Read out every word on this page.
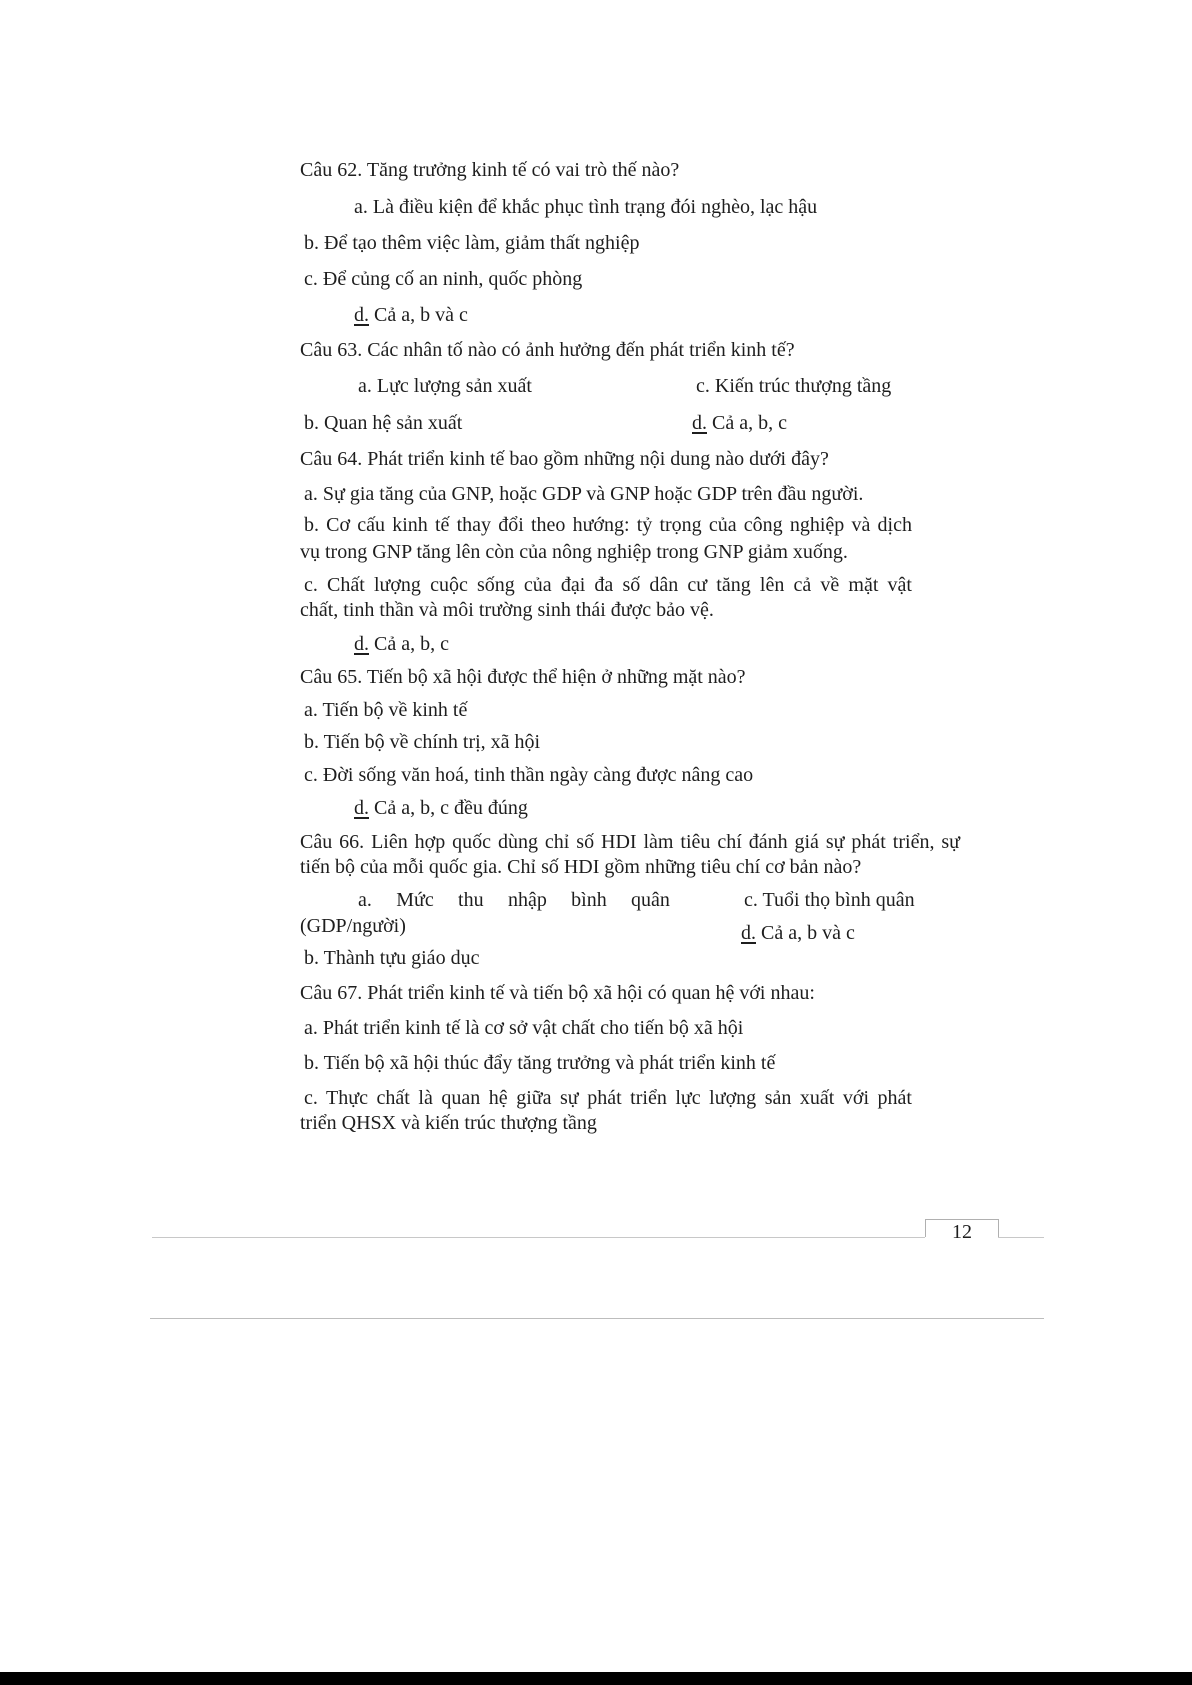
Câu 62. Tăng trưởng kinh tế có vai trò thế nào?
a. Là điều kiện để khắc phục tình trạng đói nghèo, lạc hậu
b. Để tạo thêm việc làm, giảm thất nghiệp
c. Để củng cố an ninh, quốc phòng
d. Cả a, b và c
Câu 63. Các nhân tố nào có ảnh hưởng đến phát triển kinh tế?
a. Lực lượng sản xuất	c. Kiến trúc thượng tầng
b. Quan hệ sản xuất	d. Cả a, b, c
Câu 64. Phát triển kinh tế bao gồm những nội dung nào dưới đây?
a. Sự gia tăng của GNP, hoặc GDP và GNP hoặc GDP trên đầu người.
b. Cơ cấu kinh tế thay đổi theo hướng: tỷ trọng của công nghiệp và dịch
vụ trong GNP tăng lên còn của nông nghiệp trong GNP giảm xuống.
c. Chất lượng cuộc sống của đại đa số dân cư tăng lên cả về mặt vật
chất, tinh thần và môi trường sinh thái được bảo vệ.
d. Cả a, b, c
Câu 65. Tiến bộ xã hội được thể hiện ở những mặt nào?
a. Tiến bộ về kinh tế
b. Tiến bộ về chính trị, xã hội
c. Đời sống văn hoá, tinh thần ngày càng được nâng cao
d. Cả a, b, c đều đúng
Câu 66. Liên hợp quốc dùng chỉ số HDI làm tiêu chí đánh giá sự phát triển, sự
tiến bộ của mỗi quốc gia. Chỉ số HDI gồm những tiêu chí cơ bản nào?
a. Mức thu nhập bình quân	c. Tuổi thọ bình quân
(GDP/người)	d. Cả a, b và c
b. Thành tựu giáo dục
Câu 67. Phát triển kinh tế và tiến bộ xã hội có quan hệ với nhau:
a. Phát triển kinh tế là cơ sở vật chất cho tiến bộ xã hội
b. Tiến bộ xã hội thúc đẩy tăng trưởng và phát triển kinh tế
c. Thực chất là quan hệ giữa sự phát triển lực lượng sản xuất với phát
triển QHSX và kiến trúc thượng tầng
12
